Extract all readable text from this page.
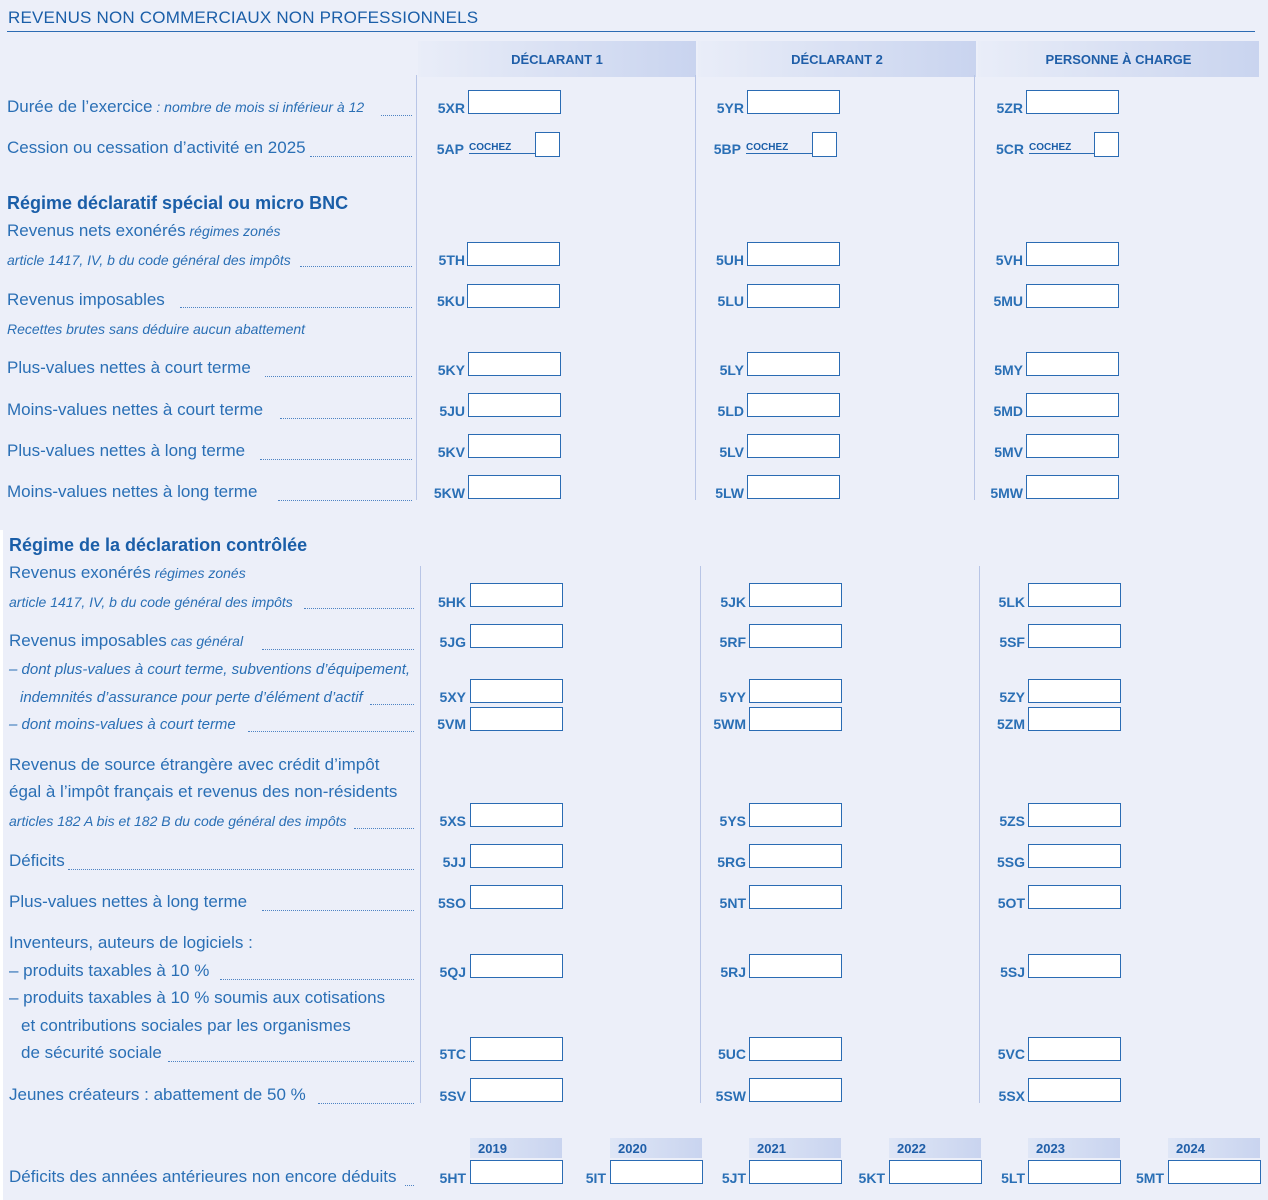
REVENUS NON COMMERCIAUX NON PROFESSIONNELS
DÉCLARANT 1	DÉCLARANT 2	PERSONNE À CHARGE
Durée de l’exercice : nombre de mois si inférieur à 12	5XR	5YR	5ZR
Cession ou cessation d’activité en 2025	5AP COCHEZ	5BP COCHEZ	5CR COCHEZ
Régime déclaratif spécial ou micro BNC
Revenus nets exonérés régimes zonés
article 1417, IV, b du code général des impôts	5TH	5UH	5VH
Revenus imposables
Recettes brutes sans déduire aucun abattement
5KU	5LU	5MU
Plus-values nettes à court terme	5KY	5LY	5MY
Moins-values nettes à court terme	5JU	5LD	5MD
Plus-values nettes à long terme	5KV	5LV	5MV
Moins-values nettes à long terme	5KW	5LW	5MW
Régime de la déclaration contrôlée
Revenus exonérés régimes zonés
article 1417, IV, b du code général des impôts	5HK	5JK	5LK
Revenus imposables cas général	5JG	5RF	5SF
– dont plus-values à court terme, subventions d’équipement,
indemnités d’assurance pour perte d’élément d’actif	5XY	5YY	5ZY
– dont moins-values à court terme	5VM	5WM	5ZM
Revenus de source étrangère avec crédit d’impôt
égal à l’impôt français et revenus des non-résidents
articles 182 A bis et 182 B du code général des impôts	5XS	5YS	5ZS
Déficits	5JJ	5RG	5SG
Plus-values nettes à long terme	5SO	5NT	5OT
Inventeurs, auteurs de logiciels :
– produits taxables à 10 %	5QJ	5RJ	5SJ
– produits taxables à 10 % soumis aux cotisations
et contributions sociales par les organismes
de sécurité sociale	5TC	5UC	5VC
Jeunes créateurs : abattement de 50 %	5SV	5SW	5SX
2019	2020	2021	2022	2023	2024
Déficits des années antérieures non encore déduits	5HT	5IT	5JT	5KT	5LT	5MT
